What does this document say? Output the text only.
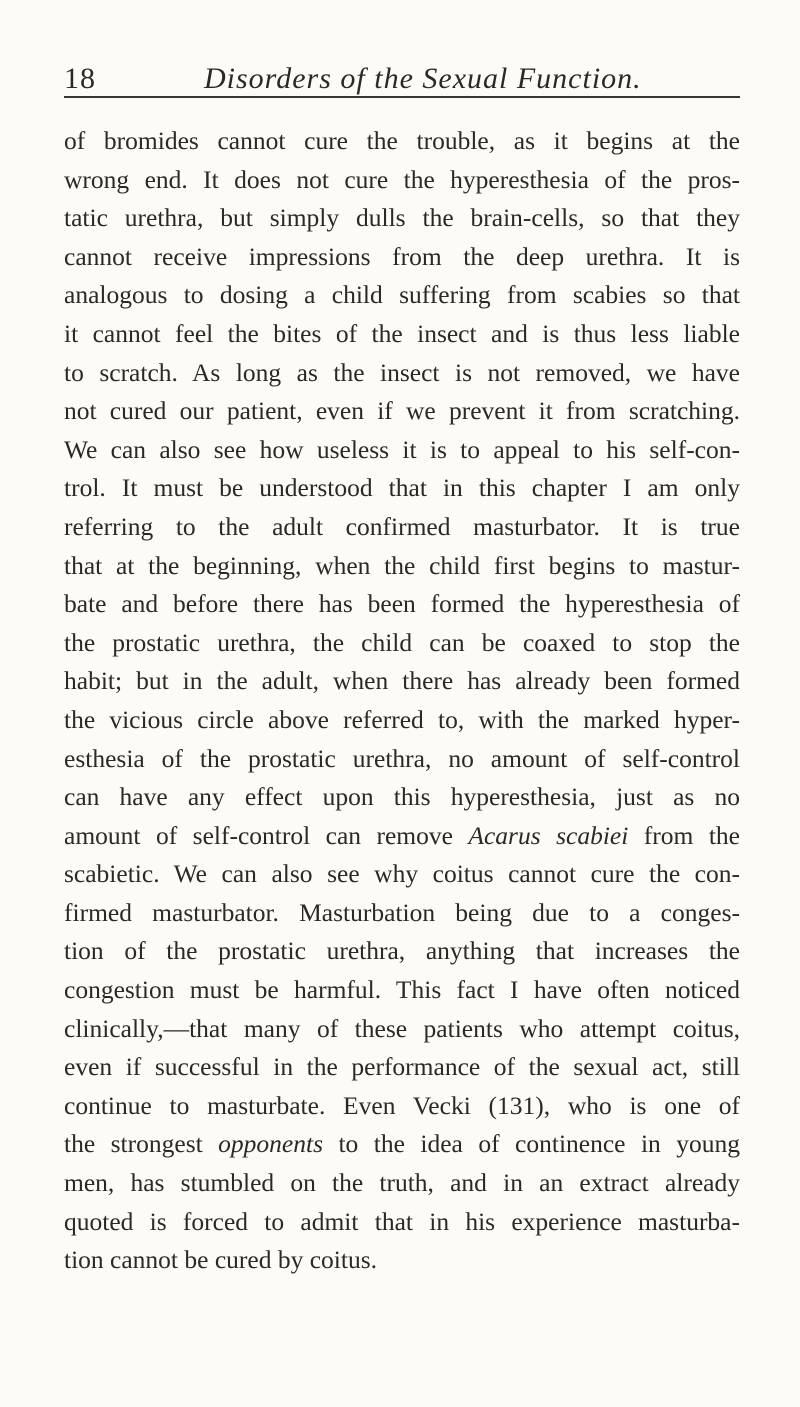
18	Disorders of the Sexual Function.
of bromides cannot cure the trouble, as it begins at the
wrong end. It does not cure the hyperesthesia of the pros-
tatic urethra, but simply dulls the brain-cells, so that they
cannot receive impressions from the deep urethra. It is
analogous to dosing a child suffering from scabies so that
it cannot feel the bites of the insect and is thus less liable
to scratch. As long as the insect is not removed, we have
not cured our patient, even if we prevent it from scratching.
We can also see how useless it is to appeal to his self-con-
trol. It must be understood that in this chapter I am only
referring to the adult confirmed masturbator. It is true
that at the beginning, when the child first begins to mastur-
bate and before there has been formed the hyperesthesia of
the prostatic urethra, the child can be coaxed to stop the
habit; but in the adult, when there has already been formed
the vicious circle above referred to, with the marked hyper-
esthesia of the prostatic urethra, no amount of self-control
can have any effect upon this hyperesthesia, just as no
amount of self-control can remove Acarus scabiei from the
scabietic. We can also see why coitus cannot cure the con-
firmed masturbator. Masturbation being due to a conges-
tion of the prostatic urethra, anything that increases the
congestion must be harmful. This fact I have often noticed
clinically,—that many of these patients who attempt coitus,
even if successful in the performance of the sexual act, still
continue to masturbate. Even Vecki (131), who is one of
the strongest opponents to the idea of continence in young
men, has stumbled on the truth, and in an extract already
quoted is forced to admit that in his experience masturba-
tion cannot be cured by coitus.
